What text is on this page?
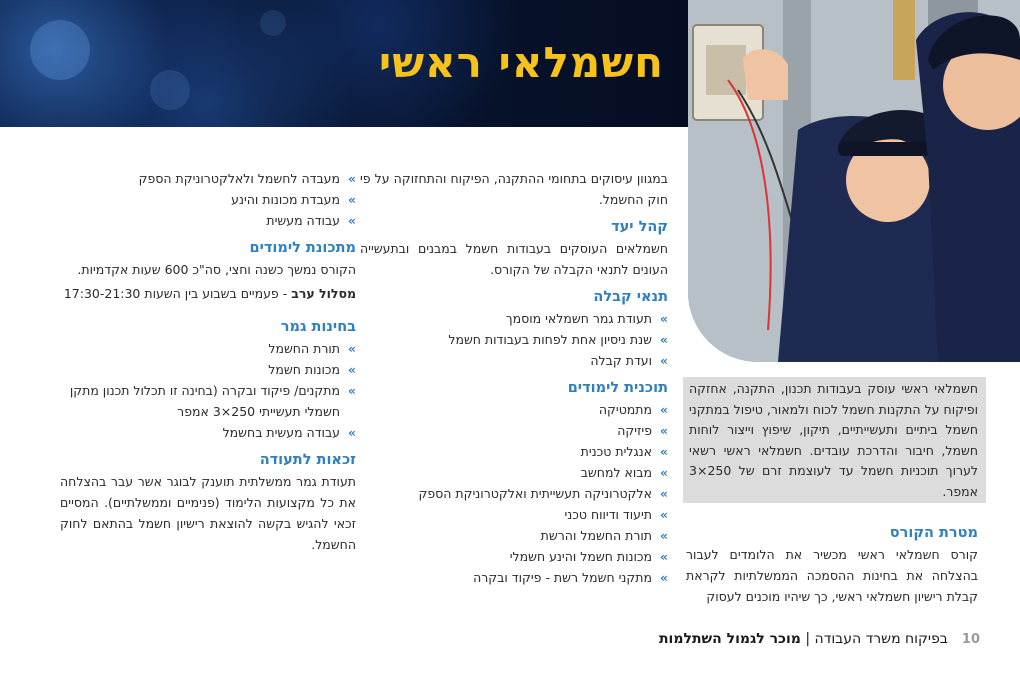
חשמלאי ראשי

במגוון עיסוקים בתחומי ההתקנה, הפיקוח והתחזוקה על פי חוק החשמל.

קהל יעד

חשמלאים העוסקים בעבודות חשמל במבנים ובתעשייה העונים לתנאי הקבלה של הקורס.

תנאי קבלה
» תעודת גמר חשמלאי מוסמך
» שנת ניסיון אחת לפחות בעבודות חשמל
» ועדת קבלה
תוכנית לימודים
» מתמטיקה
» פיזיקה
» אנגלית טכנית
» מבוא למחשב
» אלקטרוניקה תעשייתית ואלקטרוניקת הספק
» תיעוד ודיווח טכני
» תורת החשמל והרשת
» מכונות חשמל והינע חשמלי
» מתקני חשמל רשת - פיקוד ובקרה
» מעבדה לחשמל ולאלקטרוניקת הספק
» מעבדת מכונות והינע
» עבודה מעשית
מתכונת לימודים

הקורס נמשך כשנה וחצי, סה"כ 600 שעות אקדמיות.

מסלול ערב - פעמיים בשבוע בין השעות 17:30-21:30

בחינות גמר
» תורת החשמל
» מכונות חשמל
» מתקנים/ פיקוד ובקרה (בחינה זו תכלול תכנון מתקן חשמלי תעשייתי 250×3 אמפר
» עבודה מעשית בחשמל
זכאות לתעודה

תעודת גמר ממשלתית תוענק לבוגר אשר עבר בהצלחה את כל מקצועות הלימוד (פנימיים וממשלתיים). המסיים זכאי להגיש בקשה להוצאת רישיון חשמל בהתאם לחוק החשמל.

חשמלאי ראשי עוסק בעבודות תכנון, התקנה, אחזקה ופיקוח על התקנות חשמל לכוח ולמאור, טיפול במתקני חשמל ביתיים ותעשייתיים, תיקון, שיפוץ וייצור לוחות חשמל, חיבור והדרכת עובדים. חשמלאי ראשי רשאי לערוך תוכניות חשמל עד לעוצמת זרם של 250×3 אמפר.
מטרת הקורס

קורס חשמלאי ראשי מכשיר את הלומדים לעבור בהצלחה את בחינות ההסמכה הממשלתיות לקראת קבלת רישיון חשמלאי ראשי, כך שיהיו מוכנים לעסוק

10
בפיקוח משרד העבודה | מוכר לגמול השתלמות
